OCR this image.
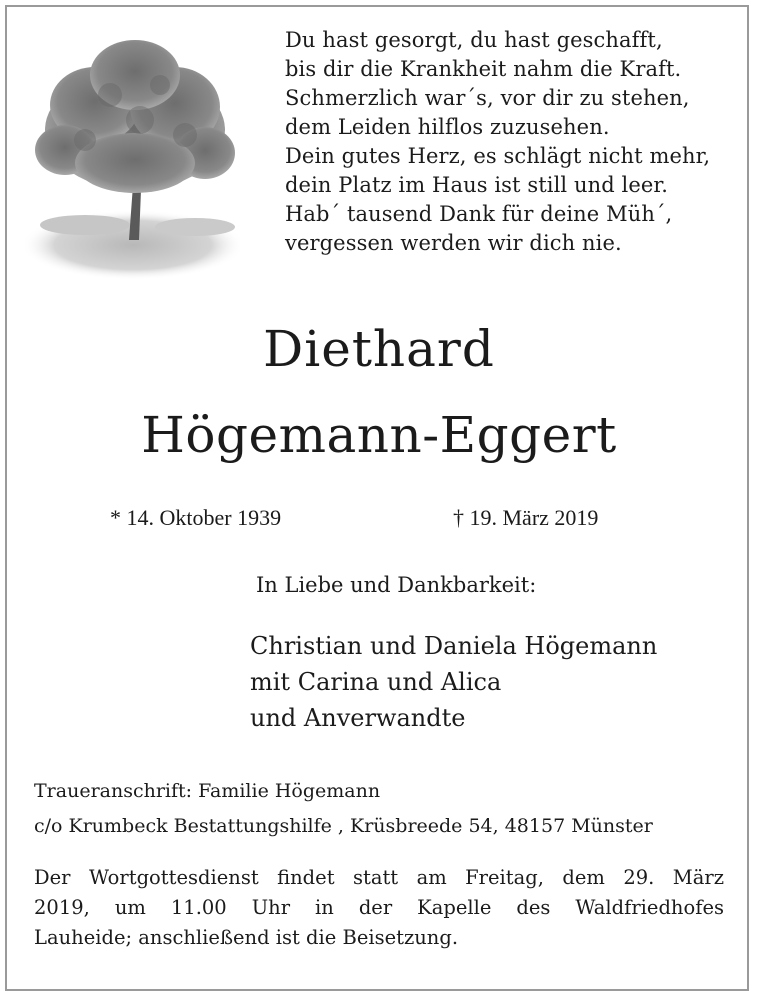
Du hast gesorgt, du hast geschafft,
bis dir die Krankheit nahm die Kraft.
Schmerzlich war´s, vor dir zu stehen,
dem Leiden hilflos zuzusehen.
Dein gutes Herz, es schlägt nicht mehr,
dein Platz im Haus ist still und leer.
Hab´ tausend Dank für deine Müh´,
vergessen werden wir dich nie.
Diethard
Högemann-Eggert
* 14. Oktober 1939	† 19. März 2019
In Liebe und Dankbarkeit:
Christian und Daniela Högemann
mit Carina und Alica
und Anverwandte
Traueranschrift: Familie Högemann
c/o Krumbeck Bestattungshilfe , Krüsbreede 54, 48157 Münster
Der Wortgottesdienst findet statt am Freitag, dem 29. März
2019, um 11.00 Uhr in der Kapelle des Waldfriedhofes
Lauheide; anschließend ist die Beisetzung.
